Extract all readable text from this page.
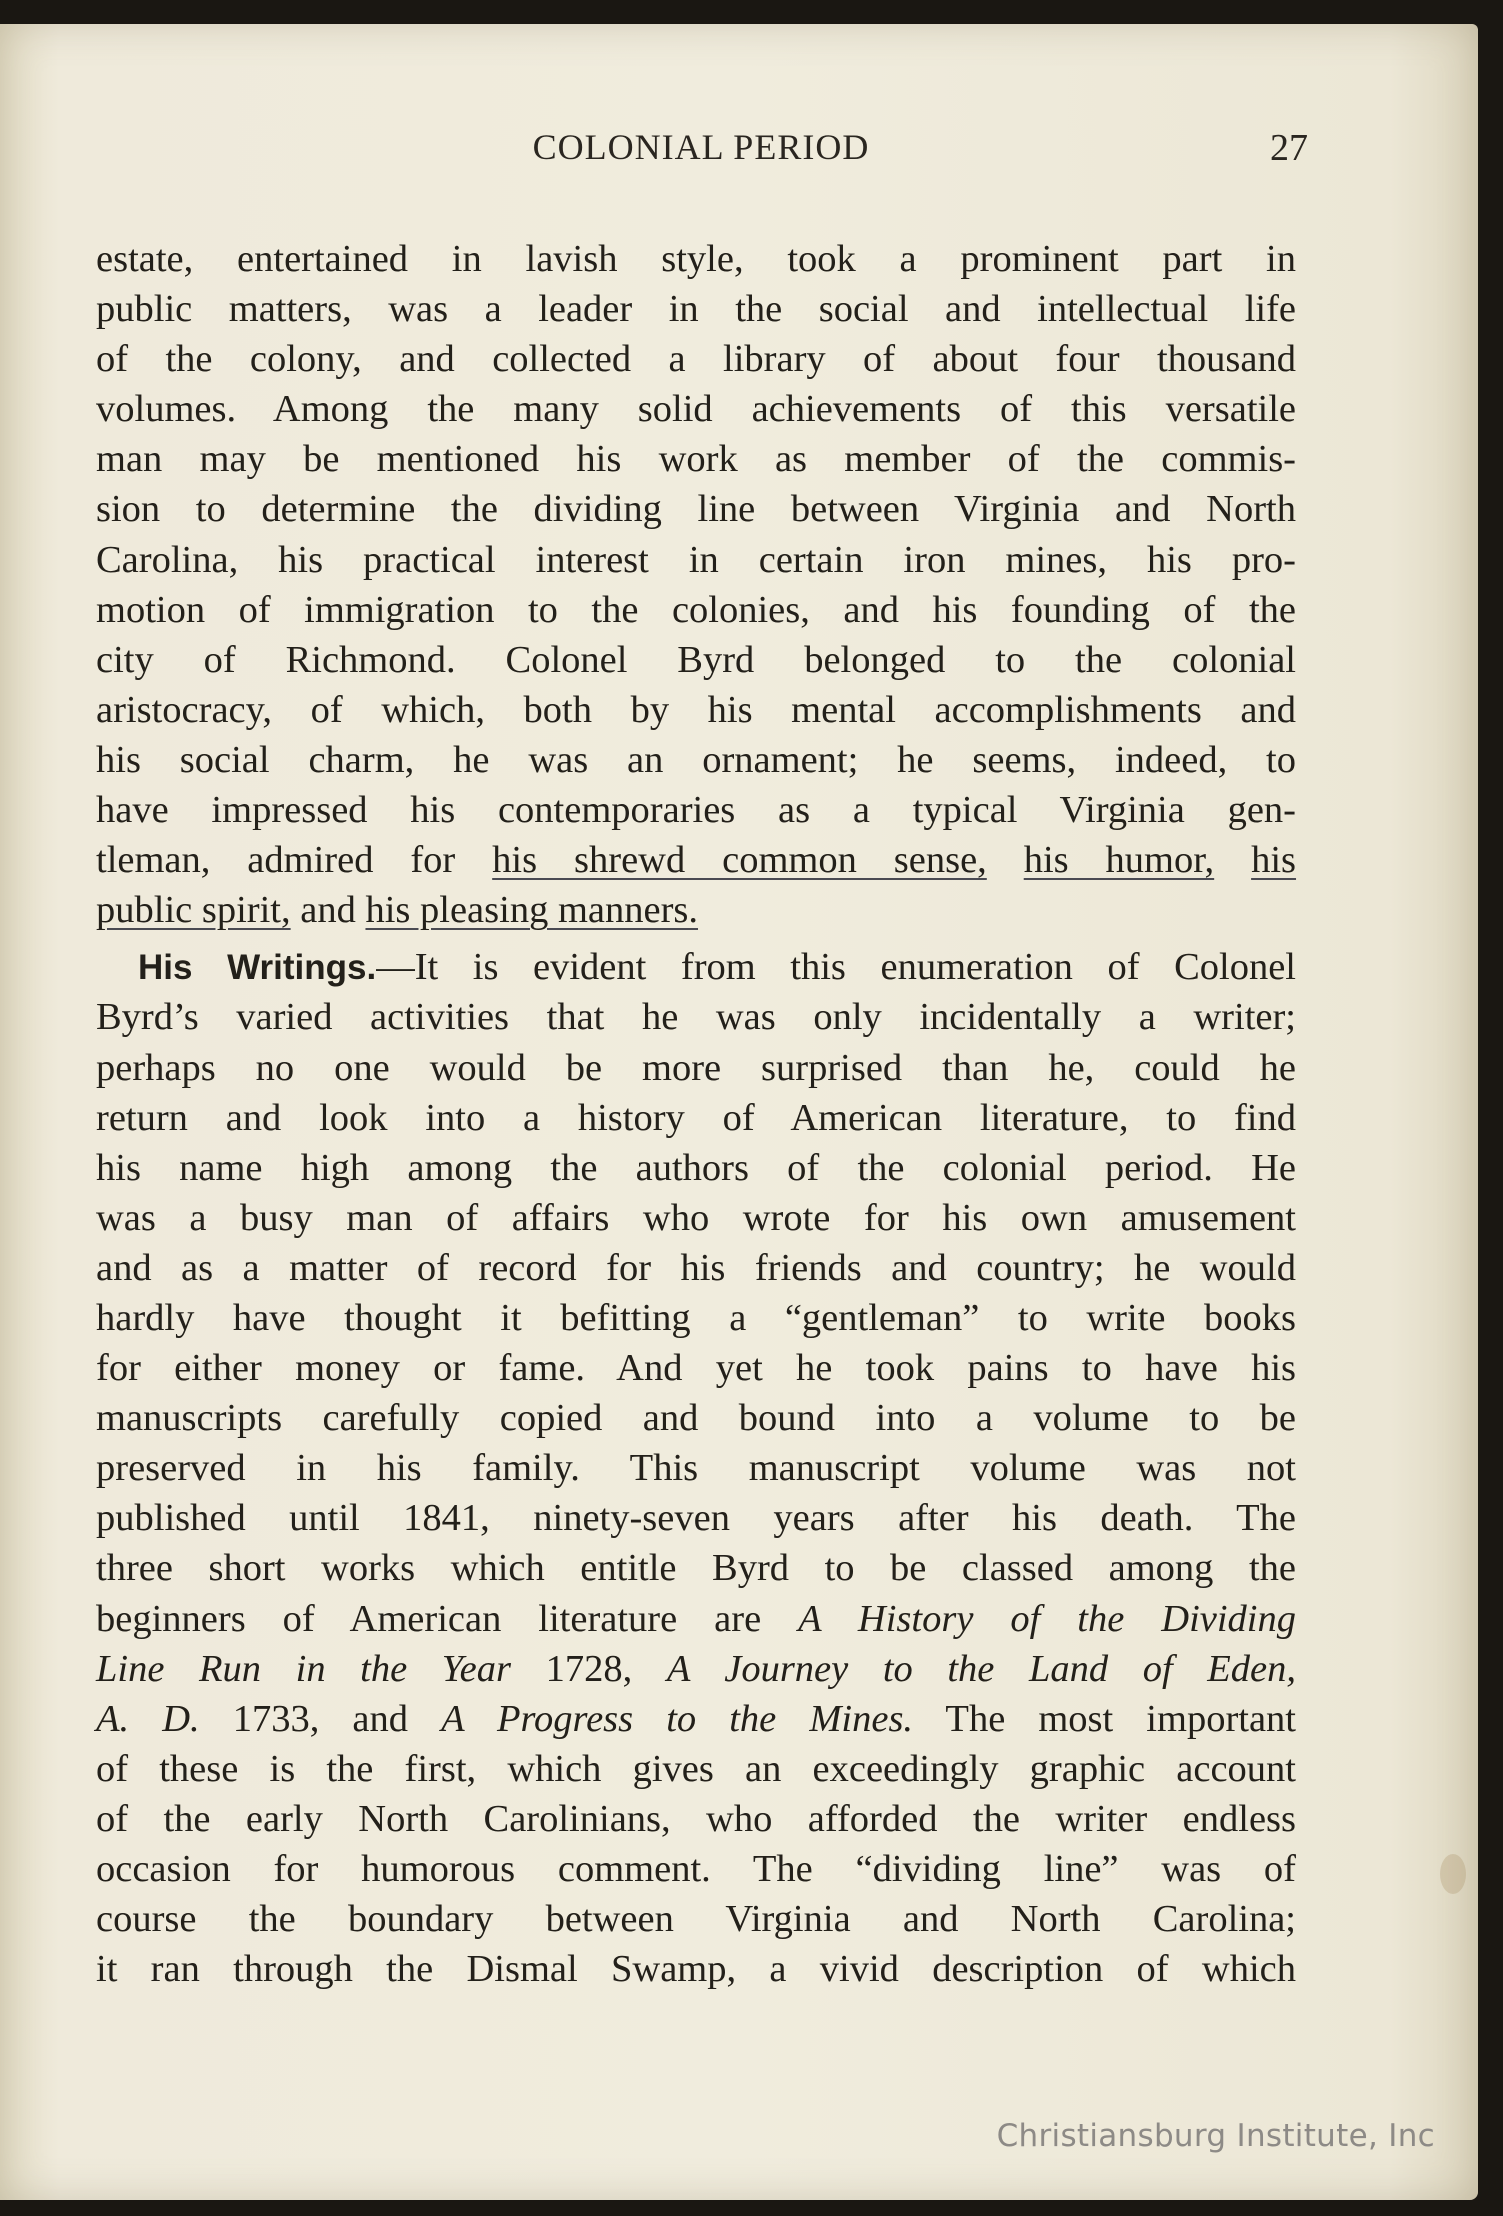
COLONIAL PERIOD	27
estate, entertained in lavish style, took a prominent part in
public matters, was a leader in the social and intellectual life
of the colony, and collected a library of about four thousand
volumes. Among the many solid achievements of this versatile
man may be mentioned his work as member of the commis-
sion to determine the dividing line between Virginia and North
Carolina, his practical interest in certain iron mines, his pro-
motion of immigration to the colonies, and his founding of the
city of Richmond. Colonel Byrd belonged to the colonial
aristocracy, of which, both by his mental accomplishments and
his social charm, he was an ornament; he seems, indeed, to
have impressed his contemporaries as a typical Virginia gen-
tleman, admired for his shrewd common sense, his humor, his
public spirit, and his pleasing manners.
His Writings.—It is evident from this enumeration of Colonel
Byrd’s varied activities that he was only incidentally a writer;
perhaps no one would be more surprised than he, could he
return and look into a history of American literature, to find
his name high among the authors of the colonial period. He
was a busy man of affairs who wrote for his own amusement
and as a matter of record for his friends and country; he would
hardly have thought it befitting a “gentleman” to write books
for either money or fame. And yet he took pains to have his
manuscripts carefully copied and bound into a volume to be
preserved in his family. This manuscript volume was not
published until 1841, ninety-seven years after his death. The
three short works which entitle Byrd to be classed among the
beginners of American literature are A History of the Dividing
Line Run in the Year 1728, A Journey to the Land of Eden,
A. D. 1733, and A Progress to the Mines. The most important
of these is the first, which gives an exceedingly graphic account
of the early North Carolinians, who afforded the writer endless
occasion for humorous comment. The “dividing line” was of
course the boundary between Virginia and North Carolina;
it ran through the Dismal Swamp, a vivid description of which
Christiansburg Institute, Inc
